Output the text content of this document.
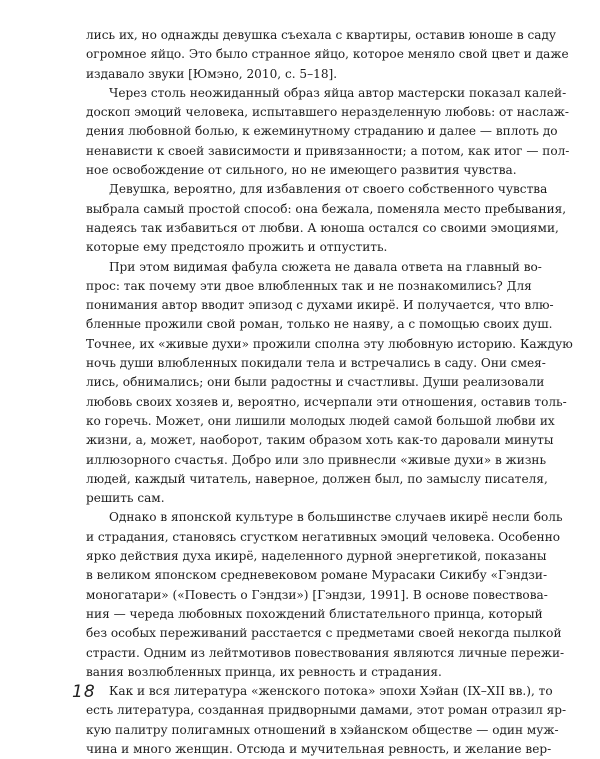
лись их, но однажды девушка съехала с квартиры, оставив юноше в саду
огромное яйцо. Это было странное яйцо, которое меняло свой цвет и даже
издавало звуки [Юмэно, 2010, с. 5–18].
Через столь неожиданный образ яйца автор мастерски показал калей-
доскоп эмоций человека, испытавшего неразделенную любовь: от наслаж-
дения любовной болью, к ежеминутному страданию и далее — вплоть до
ненависти к своей зависимости и привязанности; а потом, как итог — пол-
ное освобождение от сильного, но не имеющего развития чувства.
Девушка, вероятно, для избавления от своего собственного чувства
выбрала самый простой способ: она бежала, поменяла место пребывания,
надеясь так избавиться от любви. А юноша остался со своими эмоциями,
которые ему предстояло прожить и отпустить.
При этом видимая фабула сюжета не давала ответа на главный во-
прос: так почему эти двое влюбленных так и не познакомились? Для
понимания автор вводит эпизод с духами икирё. И получается, что влю-
бленные прожили свой роман, только не наяву, а с помощью своих душ.
Точнее, их «живые духи» прожили сполна эту любовную историю. Каждую
ночь души влюбленных покидали тела и встречались в саду. Они смея-
лись, обнимались; они были радостны и счастливы. Души реализовали
любовь своих хозяев и, вероятно, исчерпали эти отношения, оставив толь-
ко горечь. Может, они лишили молодых людей самой большой любви их
жизни, а, может, наоборот, таким образом хоть как-то даровали минуты
иллюзорного счастья. Добро или зло привнесли «живые духи» в жизнь
людей, каждый читатель, наверное, должен был, по замыслу писателя,
решить сам.
Однако в японской культуре в большинстве случаев икирё несли боль
и страдания, становясь сгустком негативных эмоций человека. Особенно
ярко действия духа икирё, наделенного дурной энергетикой, показаны
в великом японском средневековом романе Мурасаки Сикибу «Гэндзи-
моногатари» («Повесть о Гэндзи») [Гэндзи, 1991]. В основе повествова-
ния — череда любовных похождений блистательного принца, который
без особых переживаний расстается с предметами своей некогда пылкой
страсти. Одним из лейтмотивов повествования являются личные пережи-
вания возлюбленных принца, их ревность и страдания.
Как и вся литература «женского потока» эпохи Хэйан (IX–XII вв.), то
есть литература, созданная придворными дамами, этот роман отразил яр-
кую палитру полигамных отношений в хэйанском обществе — один муж-
чина и много женщин. Отсюда и мучительная ревность, и желание вер-
18
